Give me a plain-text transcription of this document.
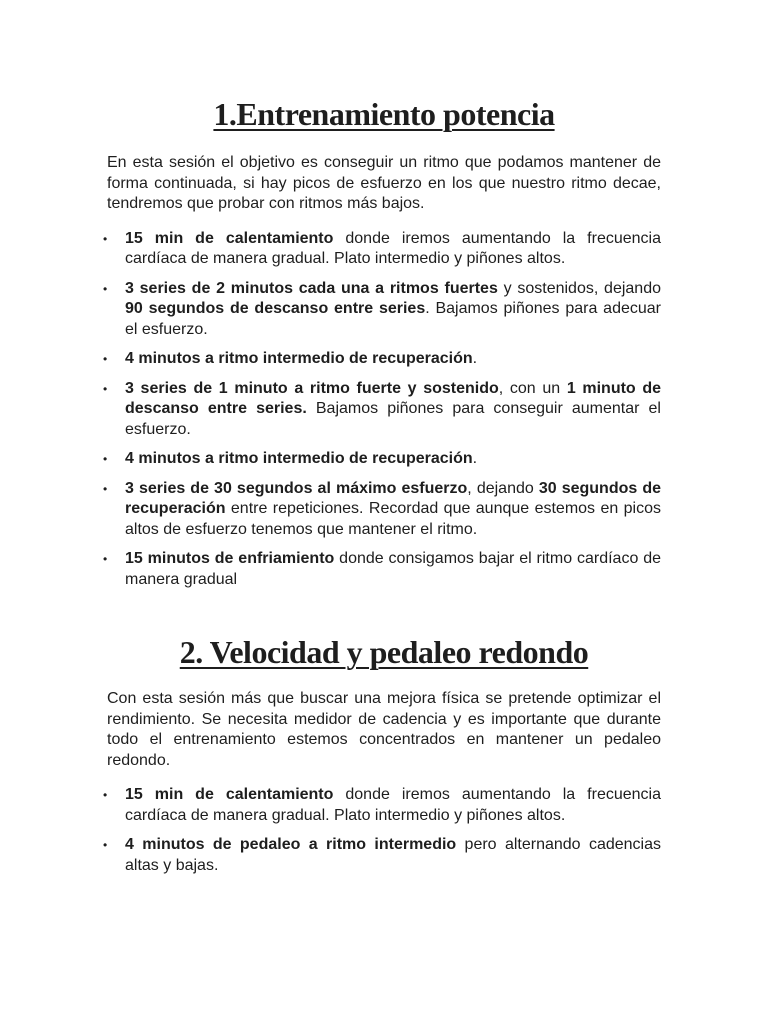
1.Entrenamiento potencia

En esta sesión el objetivo es conseguir un ritmo que podamos mantener de forma continuada, si hay picos de esfuerzo en los que nuestro ritmo decae, tendremos que probar con ritmos más bajos.

• 15 min de calentamiento donde iremos aumentando la frecuencia cardíaca de manera gradual. Plato intermedio y piñones altos.
• 3 series de 2 minutos cada una a ritmos fuertes y sostenidos, dejando 90 segundos de descanso entre series. Bajamos piñones para adecuar el esfuerzo.
• 4 minutos a ritmo intermedio de recuperación.
• 3 series de 1 minuto a ritmo fuerte y sostenido, con un 1 minuto de descanso entre series. Bajamos piñones para conseguir aumentar el esfuerzo.
• 4 minutos a ritmo intermedio de recuperación.
• 3 series de 30 segundos al máximo esfuerzo, dejando 30 segundos de recuperación entre repeticiones. Recordad que aunque estemos en picos altos de esfuerzo tenemos que mantener el ritmo.
• 15 minutos de enfriamiento donde consigamos bajar el ritmo cardíaco de manera gradual
2. Velocidad y pedaleo redondo

Con esta sesión más que buscar una mejora física se pretende optimizar el rendimiento. Se necesita medidor de cadencia y es importante que durante todo el entrenamiento estemos concentrados en mantener un pedaleo redondo.

• 15 min de calentamiento donde iremos aumentando la frecuencia cardíaca de manera gradual. Plato intermedio y piñones altos.
• 4 minutos de pedaleo a ritmo intermedio pero alternando cadencias altas y bajas.
